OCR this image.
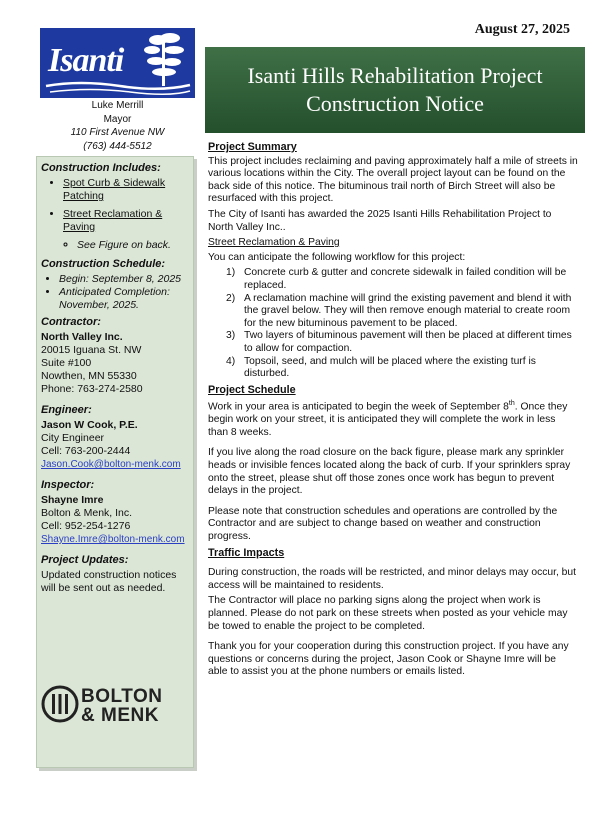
August 27, 2025
Isanti
Luke Merrill
Mayor
110 First Avenue NW
(763) 444-5512
Construction Includes:
• Spot Curb & Sidewalk Patching
• Street Reclamation & Paving
◦ See Figure on back.
Construction Schedule:
• Begin: September 8, 2025
• Anticipated Completion: November, 2025.
Contractor:
North Valley Inc.
20015 Iguana St. NW
Suite #100
Nowthen, MN 55330
Phone: 763-274-2580
Engineer:
Jason W Cook, P.E.
City Engineer
Cell: 763-200-2444
Jason.Cook@bolton-menk.com
Inspector:
Shayne Imre
Bolton & Menk, Inc.
Cell: 952-254-1276
Shayne.Imre@bolton-menk.com
Project Updates:
Updated construction notices will be sent out as needed.
BOLTON
& MENK
Isanti Hills Rehabilitation Project
Construction Notice
Project Summary

This project includes reclaiming and paving approximately half a mile of streets in various locations within the City. The overall project layout can be found on the back side of this notice. The bituminous trail north of Birch Street will also be resurfaced with this project.

The City of Isanti has awarded the 2025 Isanti Hills Rehabilitation Project to North Valley Inc..

Street Reclamation & Paving

You can anticipate the following workflow for this project:

1) Concrete curb & gutter and concrete sidewalk in failed condition will be replaced.
2) A reclamation machine will grind the existing pavement and blend it with the gravel below. They will then remove enough material to create room for the new bituminous pavement to be placed.
3) Two layers of bituminous pavement will then be placed at different times to allow for compaction.
4) Topsoil, seed, and mulch will be placed where the existing turf is disturbed.
Project Schedule

Work in your area is anticipated to begin the week of September 8th. Once they begin work on your street, it is anticipated they will complete the work in less than 8 weeks.

If you live along the road closure on the back figure, please mark any sprinkler heads or invisible fences located along the back of curb. If your sprinklers spray onto the street, please shut off those zones once work has begun to prevent delays in the project.

Please note that construction schedules and operations are controlled by the Contractor and are subject to change based on weather and construction progress.

Traffic Impacts

During construction, the roads will be restricted, and minor delays may occur, but access will be maintained to residents.

The Contractor will place no parking signs along the project when work is planned. Please do not park on these streets when posted as your vehicle may be towed to enable the project to be completed.

Thank you for your cooperation during this construction project. If you have any questions or concerns during the project, Jason Cook or Shayne Imre will be able to assist you at the phone numbers or emails listed.
